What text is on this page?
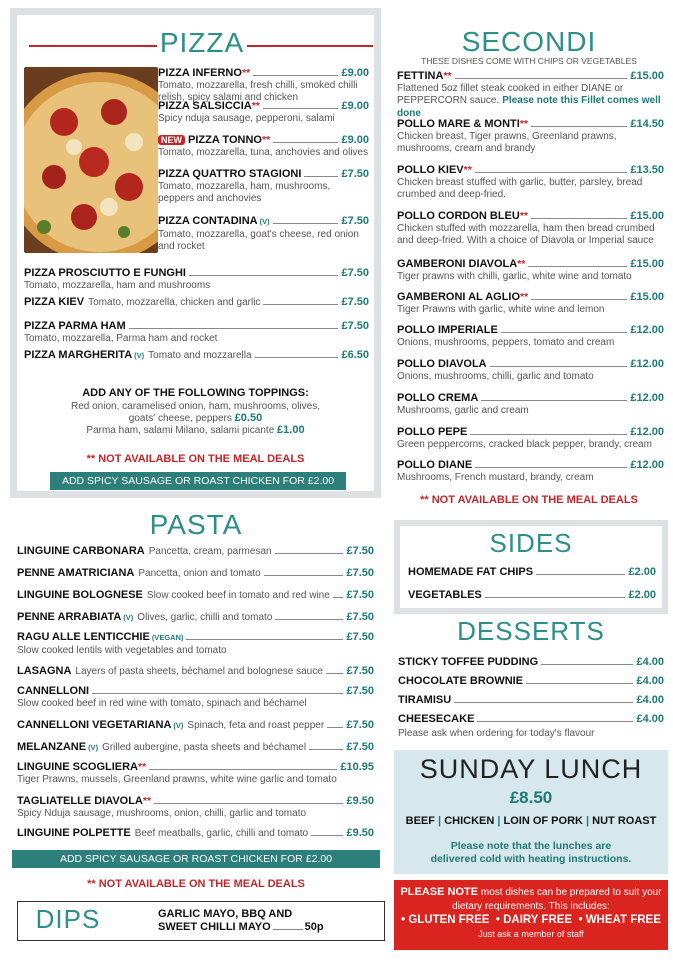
PIZZA
PIZZA INFERNO**	£9.00
Tomato, mozzarella, fresh chilli, smoked chilli relish, spicy salami and chicken
PIZZA SALSICCIA**	£9.00
Spicy nduja sausage, pepperoni, salami
NEW PIZZA TONNO**	£9.00
Tomato, mozzarella, tuna, anchovies and olives
PIZZA QUATTRO STAGIONI	£7.50
Tomato, mozzarella, ham, mushrooms, peppers and anchovies
PIZZA CONTADINA (V)	£7.50
Tomato, mozzarella, goat's cheese, red onion and rocket
PIZZA PROSCIUTTO E FUNGHI	£7.50
Tomato, mozzarella, ham and mushrooms
PIZZA KIEV Tomato, mozzarella, chicken and garlic	£7.50
PIZZA PARMA HAM	£7.50
Tomato, mozzarella, Parma ham and rocket
PIZZA MARGHERITA (V) Tomato and mozzarella	£6.50
ADD ANY OF THE FOLLOWING TOPPINGS:
Red onion, caramelised onion, ham, mushrooms, olives,
goats' cheese, peppers £0.50
Parma ham, salami Milano, salami picante £1.00
** NOT AVAILABLE ON THE MEAL DEALS
ADD SPICY SAUSAGE OR ROAST CHICKEN FOR £2.00
SECONDI
THESE DISHES COME WITH CHIPS OR VEGETABLES
FETTINA**	£15.00
Flattened 5oz fillet steak cooked in either DIANE or PEPPERCORN sauce. Please note this Fillet comes well done
POLLO MARE & MONTI**	£14.50
Chicken breast, Tiger prawns, Greenland prawns, mushrooms, cream and brandy
POLLO KIEV**	£13.50
Chicken breast stuffed with garlic, butter, parsley, bread crumbed and deep-fried.
POLLO CORDON BLEU**	£15.00
Chicken stuffed with mozzarella, ham then bread crumbed and deep-fried. With a choice of Diavola or Imperial sauce
GAMBERONI DIAVOLA**	£15.00
Tiger prawns with chilli, garlic, white wine and tomato
GAMBERONI AL AGLIO**	£15.00
Tiger Prawns with garlic, white wine and lemon
POLLO IMPERIALE	£12.00
Onions, mushrooms, peppers, tomato and cream
POLLO DIAVOLA	£12.00
Onions, mushrooms, chilli, garlic and tomato
POLLO CREMA	£12.00
Mushrooms, garlic and cream
POLLO PEPE	£12.00
Green peppercorns, cracked black pepper, brandy, cream
POLLO DIANE	£12.00
Mushrooms, French mustard, brandy, cream
** NOT AVAILABLE ON THE MEAL DEALS
PASTA
LINGUINE CARBONARA Pancetta, cream, parmesan	£7.50
PENNE AMATRICIANA Pancetta, onion and tomato	£7.50
LINGUINE BOLOGNESE Slow cooked beef in tomato and red wine £7.50
PENNE ARRABIATA (V) Olives, garlic, chilli and tomato	£7.50
RAGU ALLE LENTICCHIE (VEGAN)	£7.50
Slow cooked lentils with vegetables and tomato
LASAGNA Layers of pasta sheets, béchamel and bolognese sauce £7.50
CANNELLONI	£7.50
Slow cooked beef in red wine with tomato, spinach and béchamel
CANNELLONI VEGETARIANA (V) Spinach, feta and roast pepper £7.50
MELANZANE (V) Grilled aubergine, pasta sheets and béchamel	£7.50
LINGUINE SCOGLIERA**	£10.95
Tiger Prawns, mussels, Greenland prawns, white wine garlic and tomato
TAGLIATELLE DIAVOLA**	£9.50
Spicy Nduja sausage, mushrooms, onion, chilli, garlic and tomato
LINGUINE POLPETTE Beef meatballs, garlic, chilli and tomato	£9.50
ADD SPICY SAUSAGE OR ROAST CHICKEN FOR £2.00
** NOT AVAILABLE ON THE MEAL DEALS
DIPS	GARLIC MAYO, BBQ AND
SWEET CHILLI MAYO	50p
SIDES
HOMEMADE FAT CHIPS	£2.00
VEGETABLES	£2.00
DESSERTS
STICKY TOFFEE PUDDING	£4.00
CHOCOLATE BROWNIE	£4.00
TIRAMISU	£4.00
CHEESECAKE	£4.00
Please ask when ordering for today's flavour
SUNDAY LUNCH
£8.50
BEEF | CHICKEN | LOIN OF PORK | NUT ROAST
Please note that the lunches are
delivered cold with heating instructions.
PLEASE NOTE most dishes can be prepared to suit your
dietary requirements. This includes:
• GLUTEN FREE • DAIRY FREE • WHEAT FREE
Just ask a member of staff
